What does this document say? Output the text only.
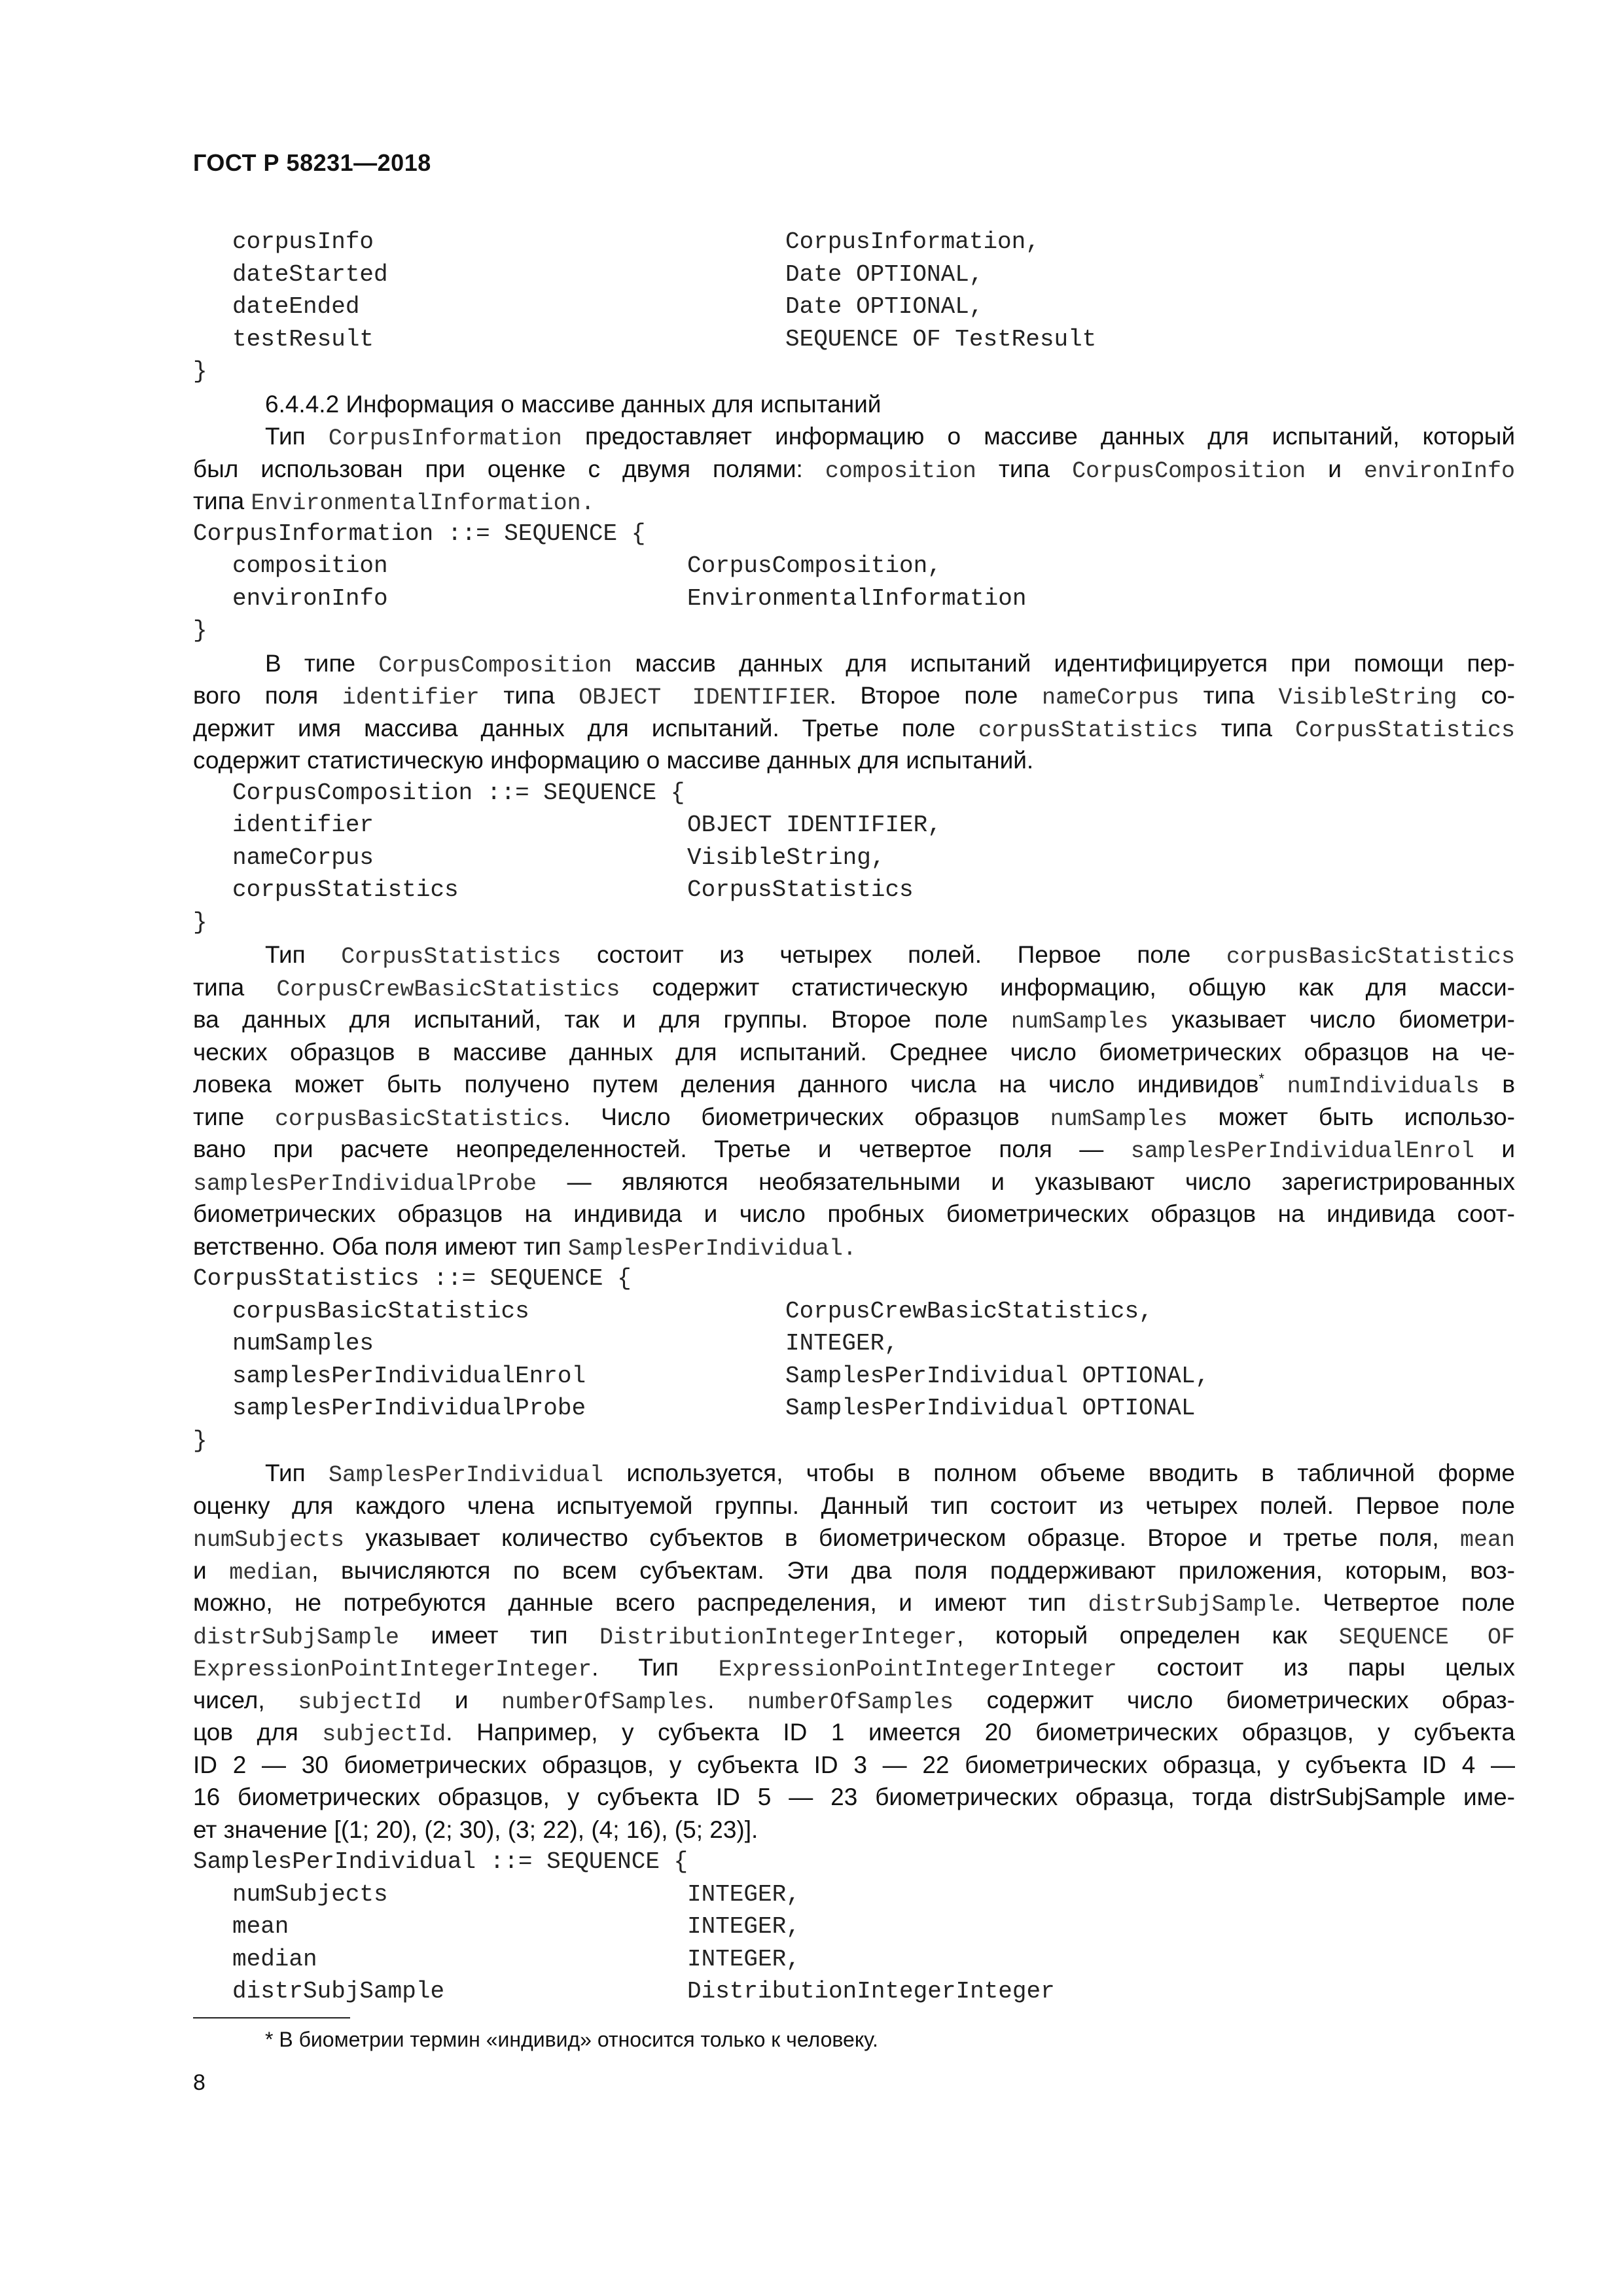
ГОСТ Р 58231—2018
corpusInfo	CorpusInformation,
dateStarted	Date OPTIONAL,
dateEnded	Date OPTIONAL,
testResult	SEQUENCE OF TestResult
}
6.4.4.2 Информация о массиве данных для испытаний
Тип CorpusInformation предоставляет информацию о массиве данных для испытаний, который
был использован при оценке с двумя полями: composition типа CorpusComposition и environInfo
типа EnvironmentalInformation.
CorpusInformation ::= SEQUENCE {
composition	CorpusComposition,
environInfo	EnvironmentalInformation
}
В типе CorpusComposition массив данных для испытаний идентифицируется при помощи пер-
вого поля identifier типа OBJECT IDENTIFIER. Второе поле nameCorpus типа VisibleString со-
держит имя массива данных для испытаний. Третье поле corpusStatistics типа CorpusStatistics
содержит статистическую информацию о массиве данных для испытаний.
CorpusComposition ::= SEQUENCE {
identifier	OBJECT IDENTIFIER,
nameCorpus	VisibleString,
corpusStatistics	CorpusStatistics
}
Тип CorpusStatistics состоит из четырех полей. Первое поле corpusBasicStatistics
типа CorpusCrewBasicStatistics содержит статистическую информацию, общую как для масси-
ва данных для испытаний, так и для группы. Второе поле numSamples указывает число биометри-
ческих образцов в массиве данных для испытаний. Среднее число биометрических образцов на че-
ловека может быть получено путем деления данного числа на число индивидов* numIndividuals в
типе corpusBasicStatistics. Число биометрических образцов numSamples может быть использо-
вано при расчете неопределенностей. Третье и четвертое поля — samplesPerIndividualEnrol и
samplesPerIndividualProbe — являются необязательными и указывают число зарегистрированных
биометрических образцов на индивида и число пробных биометрических образцов на индивида соот-
ветственно. Оба поля имеют тип SamplesPerIndividual.
CorpusStatistics ::= SEQUENCE {
corpusBasicStatistics	CorpusCrewBasicStatistics,
numSamples	INTEGER,
samplesPerIndividualEnrol	SamplesPerIndividual OPTIONAL,
samplesPerIndividualProbe	SamplesPerIndividual OPTIONAL
}
Тип SamplesPerIndividual используется, чтобы в полном объеме вводить в табличной форме
оценку для каждого члена испытуемой группы. Данный тип состоит из четырех полей. Первое поле
numSubjects указывает количество субъектов в биометрическом образце. Второе и третье поля, mean
и median, вычисляются по всем субъектам. Эти два поля поддерживают приложения, которым, воз-
можно, не потребуются данные всего распределения, и имеют тип distrSubjSample. Четвертое поле
distrSubjSample имеет тип DistributionIntegerInteger, который определен как SEQUENCE OF
ExpressionPointIntegerInteger. Тип ExpressionPointIntegerInteger состоит из пары целых
чисел, subjectId и numberOfSamples. numberOfSamples содержит число биометрических образ-
цов для subjectId. Например, у субъекта ID 1 имеется 20 биометрических образцов, у субъекта
ID 2 — 30 биометрических образцов, у субъекта ID 3 — 22 биометрических образца, у субъекта ID 4 —
16 биометрических образцов, у субъекта ID 5 — 23 биометрических образца, тогда distrSubjSample име-
ет значение [(1; 20), (2; 30), (3; 22), (4; 16), (5; 23)].
SamplesPerIndividual ::= SEQUENCE {
numSubjects	INTEGER,
mean	INTEGER,
median	INTEGER,
distrSubjSample	DistributionIntegerInteger
* В биометрии термин «индивид» относится только к человеку.
8
